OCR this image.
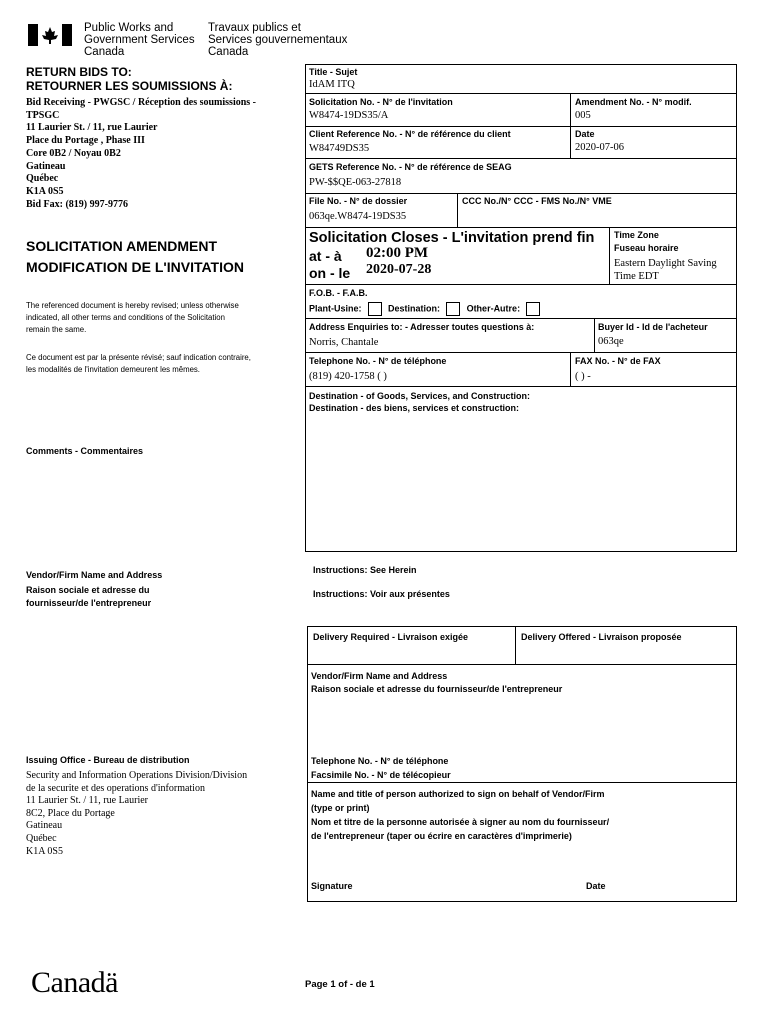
Public Works and
Government Services
Canada
Travaux publics et
Services gouvernementaux
Canada
RETURN BIDS TO:
RETOURNER LES SOUMISSIONS À:
Bid Receiving - PWGSC / Réception des soumissions -
TPSGC
11 Laurier St. / 11, rue Laurier
Place du Portage , Phase III
Core 0B2 / Noyau 0B2
Gatineau
Québec
K1A 0S5
Bid Fax: (819) 997-9776
SOLICITATION AMENDMENT
MODIFICATION DE L'INVITATION
The referenced document is hereby revised; unless otherwise
indicated, all other terms and conditions of the Solicitation
remain the same.
Ce document est par la présente révisé; sauf indication contraire,
les modalités de l'invitation demeurent les mêmes.
Comments - Commentaires
Vendor/Firm Name and Address
Raison sociale et adresse du
fournisseur/de l'entrepreneur
Issuing Office - Bureau de distribution
Security and Information Operations Division/Division
de la securite et des operations d'information
11 Laurier St. / 11, rue Laurier
8C2, Place du Portage
Gatineau
Québec
K1A 0S5
Title - Sujet
IdAM ITQ
Solicitation No. - N° de l'invitation
W8474-19DS35/A
Amendment No. - N° modif.
005
Client Reference No. - N° de référence du client
W84749DS35
Date
2020-07-06
GETS Reference No. - N° de référence de SEAG
PW-$$QE-063-27818
File No. - N° de dossier
063qe.W8474-19DS35
CCC No./N° CCC - FMS No./N° VME
Solicitation Closes - L'invitation prend fin
at - à 02:00 PM
on - le 2020-07-28
Time Zone
Fuseau horaire
Eastern Daylight Saving
Time EDT
F.O.B. - F.A.B.
Plant-Usine:	Destination:	Other-Autre:
Address Enquiries to: - Adresser toutes questions à:
Norris, Chantale
Buyer Id - Id de l'acheteur
063qe
Telephone No. - N° de téléphone
(819) 420-1758 ( )
FAX No. - N° de FAX
( ) -
Destination - of Goods, Services, and Construction:
Destination - des biens, services et construction:
Instructions: See Herein
Instructions: Voir aux présentes
Delivery Required - Livraison exigée	Delivery Offered - Livraison proposée
Vendor/Firm Name and Address
Raison sociale et adresse du fournisseur/de l'entrepreneur
Telephone No. - N° de téléphone
Facsimile No. - N° de télécopieur
Name and title of person authorized to sign on behalf of Vendor/Firm
(type or print)
Nom et titre de la personne autorisée à signer au nom du fournisseur/
de l'entrepreneur (taper ou écrire en caractères d'imprimerie)
Signature	Date
Canadä	Page 1 of - de 1
